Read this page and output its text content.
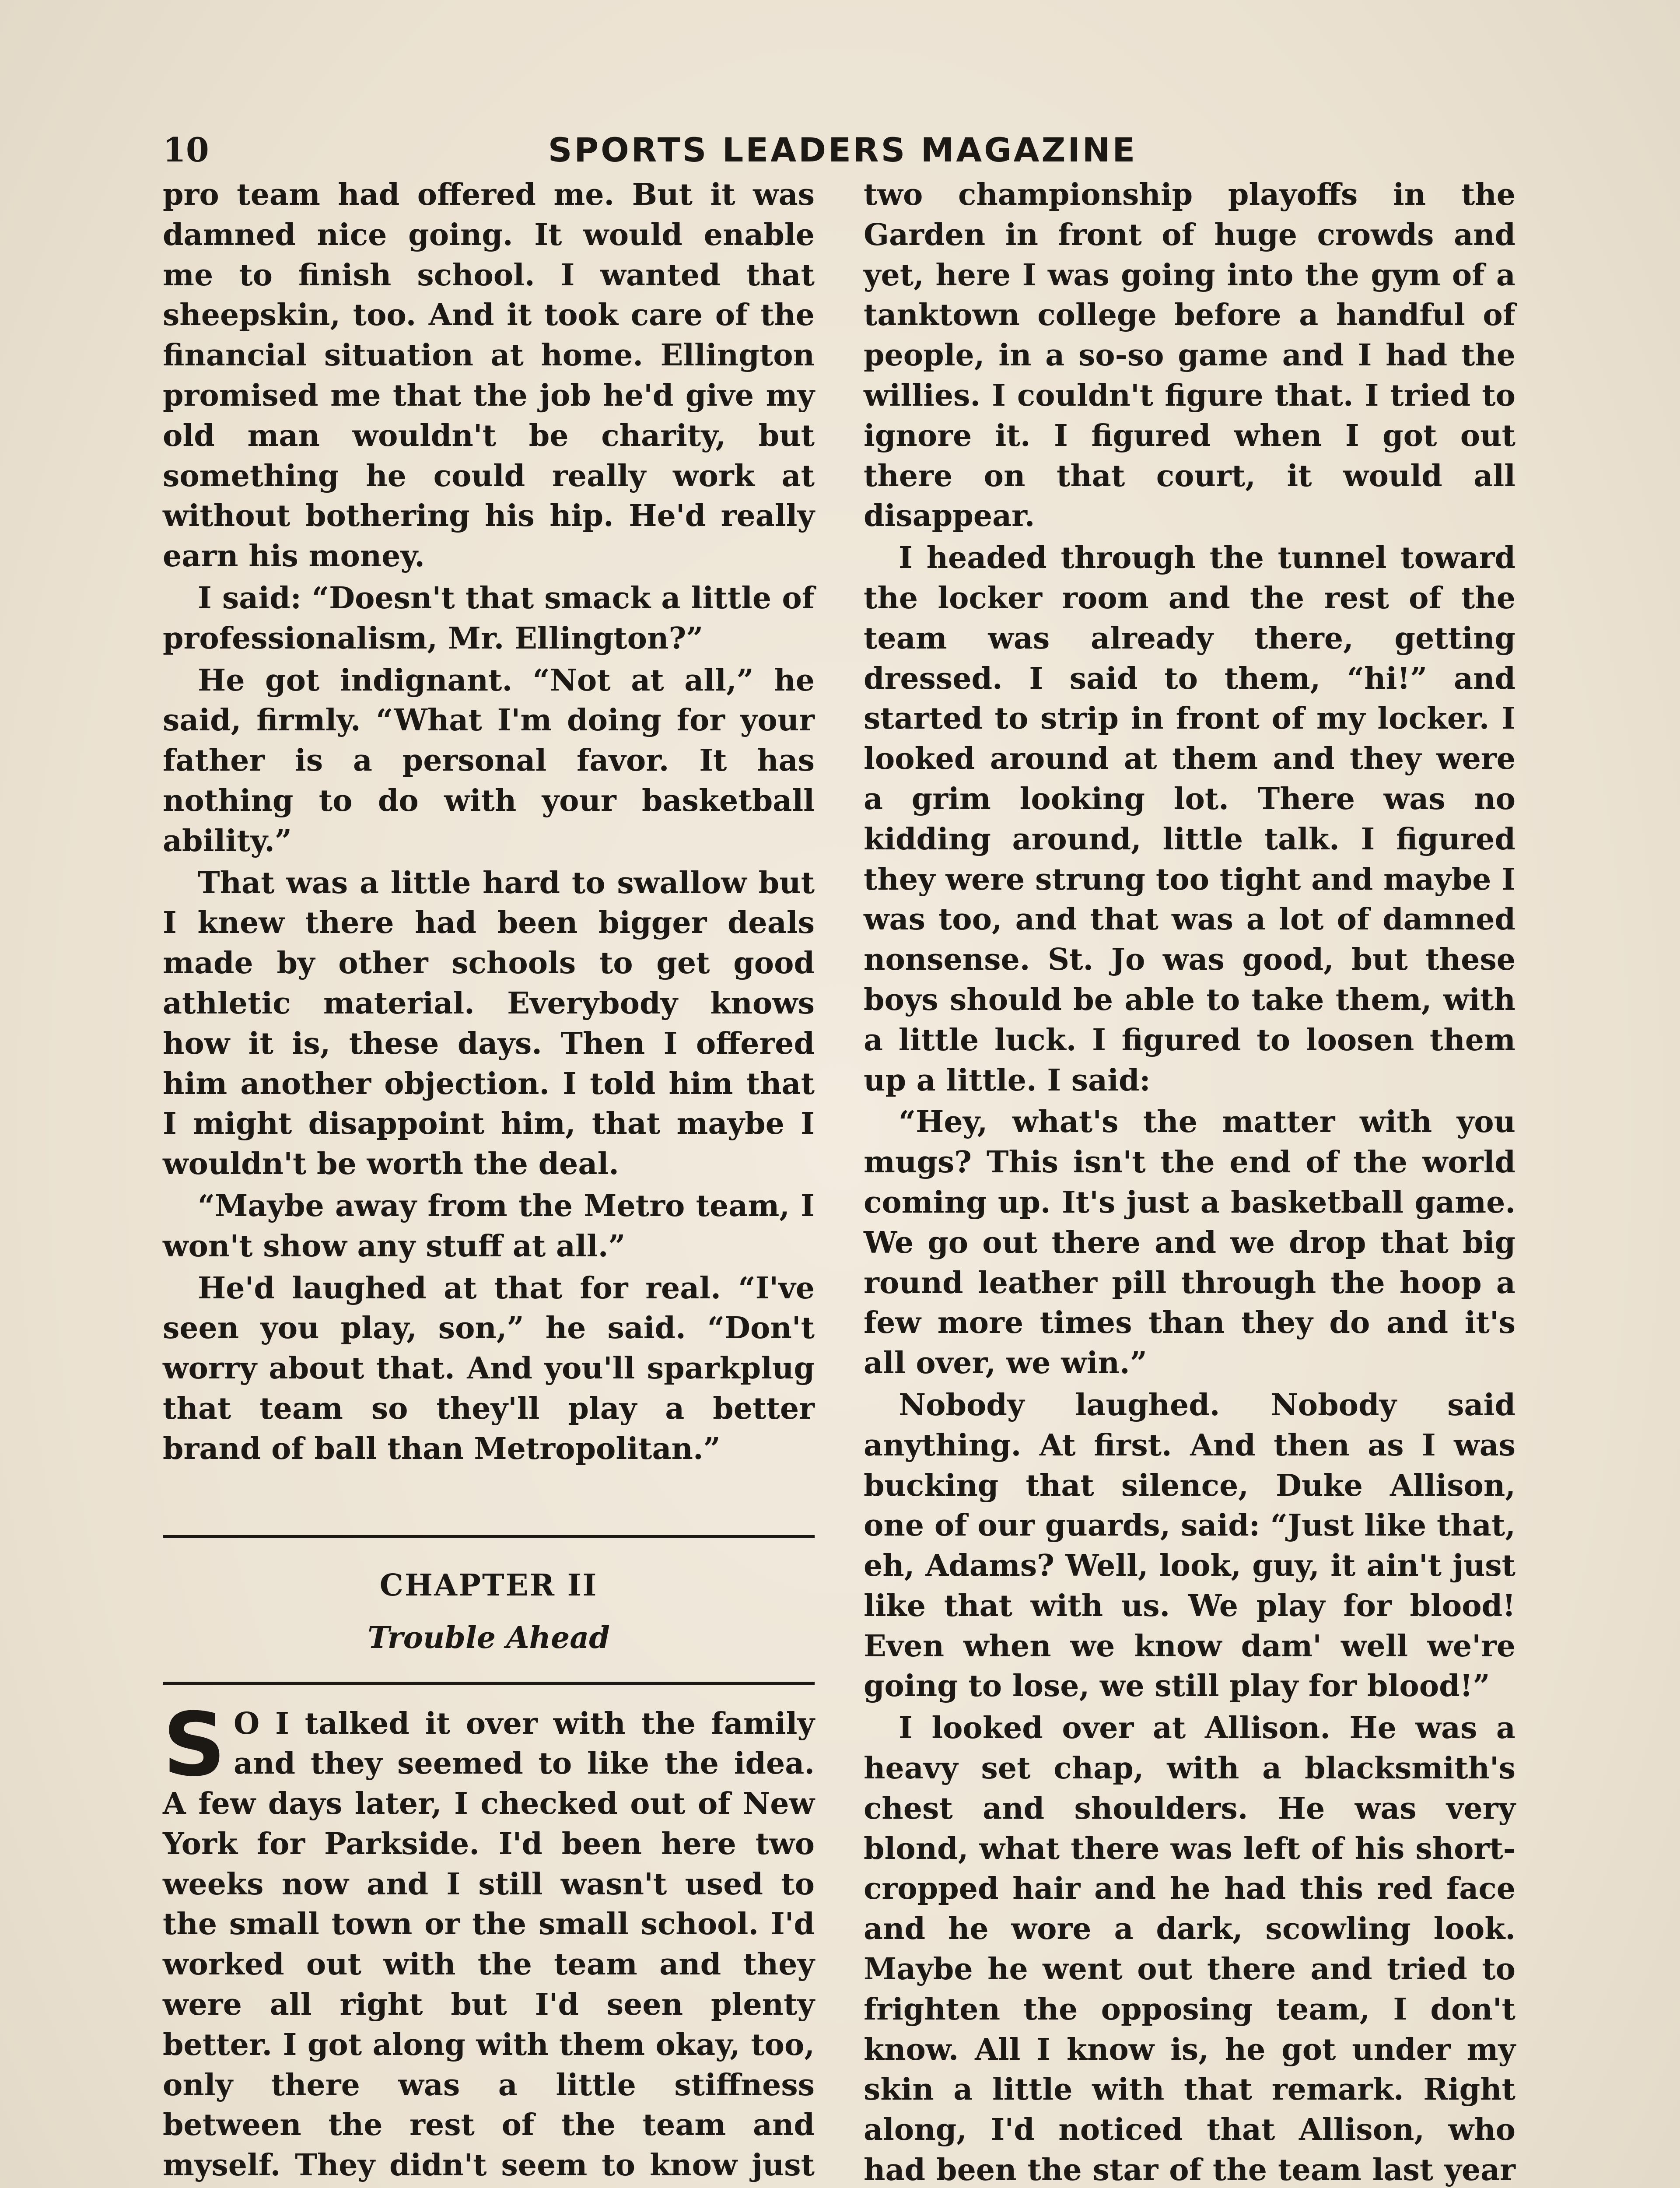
10	SPORTS LEADERS MAGAZINE

pro team had offered me. But it was damned nice going. It would enable me to finish school. I wanted that sheepskin, too. And it took care of the financial situation at home. Ellington promised me that the job he'd give my old man wouldn't be charity, but something he could really work at without bothering his hip. He'd really earn his money.

I said: “Doesn't that smack a little of professionalism, Mr. Ellington?”

He got indignant. “Not at all,” he said, firmly. “What I'm doing for your father is a personal favor. It has nothing to do with your basketball ability.”

That was a little hard to swallow but I knew there had been bigger deals made by other schools to get good athletic material. Everybody knows how it is, these days. Then I offered him another objection. I told him that I might disappoint him, that maybe I wouldn't be worth the deal.

“Maybe away from the Metro team, I won't show any stuff at all.”

He'd laughed at that for real. “I've seen you play, son,” he said. “Don't worry about that. And you'll sparkplug that team so they'll play a better brand of ball than Metropolitan.”

CHAPTER II
Trouble Ahead
S O I talked it over with the family and they seemed to like the idea. A few days later, I checked out of New York for Parkside. I'd been here two weeks now and I still wasn't used to the small town or the small school. I'd worked out with the team and they were all right but I'd seen plenty better. I got along with them okay, too, only there was a little stiffness between the rest of the team and myself. They didn't seem to know just

two championship playoffs in the Garden in front of huge crowds and yet, here I was going into the gym of a tanktown college before a handful of people, in a so-so game and I had the willies. I couldn't figure that. I tried to ignore it. I figured when I got out there on that court, it would all disappear.

I headed through the tunnel toward the locker room and the rest of the team was already there, getting dressed. I said to them, “hi!” and started to strip in front of my locker. I looked around at them and they were a grim looking lot. There was no kidding around, little talk. I figured they were strung too tight and maybe I was too, and that was a lot of damned nonsense. St. Jo was good, but these boys should be able to take them, with a little luck. I figured to loosen them up a little. I said:

“Hey, what's the matter with you mugs? This isn't the end of the world coming up. It's just a basketball game. We go out there and we drop that big round leather pill through the hoop a few more times than they do and it's all over, we win.”

Nobody laughed. Nobody said anything. At first. And then as I was bucking that silence, Duke Allison, one of our guards, said: “Just like that, eh, Adams? Well, look, guy, it ain't just like that with us. We play for blood! Even when we know dam' well we're going to lose, we still play for blood!”

I looked over at Allison. He was a heavy set chap, with a blacksmith's chest and shoulders. He was very blond, what there was left of his short-cropped hair and he had this red face and he wore a dark, scowling look. Maybe he went out there and tried to frighten the opposing team, I don't know. All I know is, he got under my skin a little with that remark. Right along, I'd noticed that Allison, who had been the star of the team last year
